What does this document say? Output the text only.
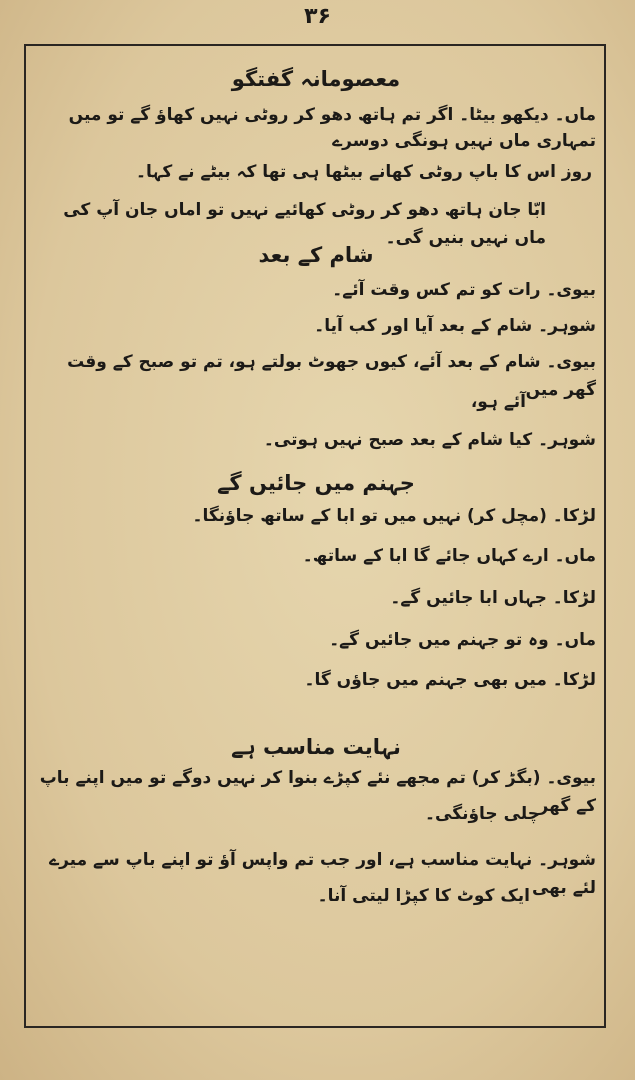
۳۶
معصومانہ گفتگو
ماں۔ دیکھو بیٹا۔ اگر تم ہاتھ دھو کر روٹی نہیں کھاؤ گے تو میں تمہاری ماں نہیں ہونگی دوسرے
روز اس کا باپ روٹی کھانے بیٹھا ہی تھا کہ بیٹے نے کہا۔
ابّا جان ہاتھ دھو کر روٹی کھائیے نہیں تو اماں جان آپ کی ماں نہیں بنیں گی۔
شام کے بعد
بیوی۔ رات کو تم کس وقت آئے۔
شوہر۔ شام کے بعد آیا اور کب آیا۔
بیوی۔ شام کے بعد آئے، کیوں جھوٹ بولتے ہو، تم تو صبح کے وقت گھر میں
آئے ہو،
شوہر۔ کیا شام کے بعد صبح نہیں ہوتی۔
جہنم میں جائیں گے
لڑکا۔ (مچل کر) نہیں میں تو ابا کے ساتھ جاؤنگا۔
ماں۔ ارے کہاں جائے گا ابا کے ساتھ۔
لڑکا۔ جہاں ابا جائیں گے۔
ماں۔ وہ تو جہنم میں جائیں گے۔
لڑکا۔ میں بھی جہنم میں جاؤں گا۔
نہایت مناسب ہے
بیوی۔ (بگڑ کر) تم مجھے نئے کپڑے بنوا کر نہیں دوگے تو میں اپنے باپ کے گھر
چلی جاؤنگی۔
شوہر۔ نہایت مناسب ہے، اور جب تم واپس آؤ تو اپنے باپ سے میرے لئے بھی
ایک کوٹ کا کپڑا لیتی آنا۔
